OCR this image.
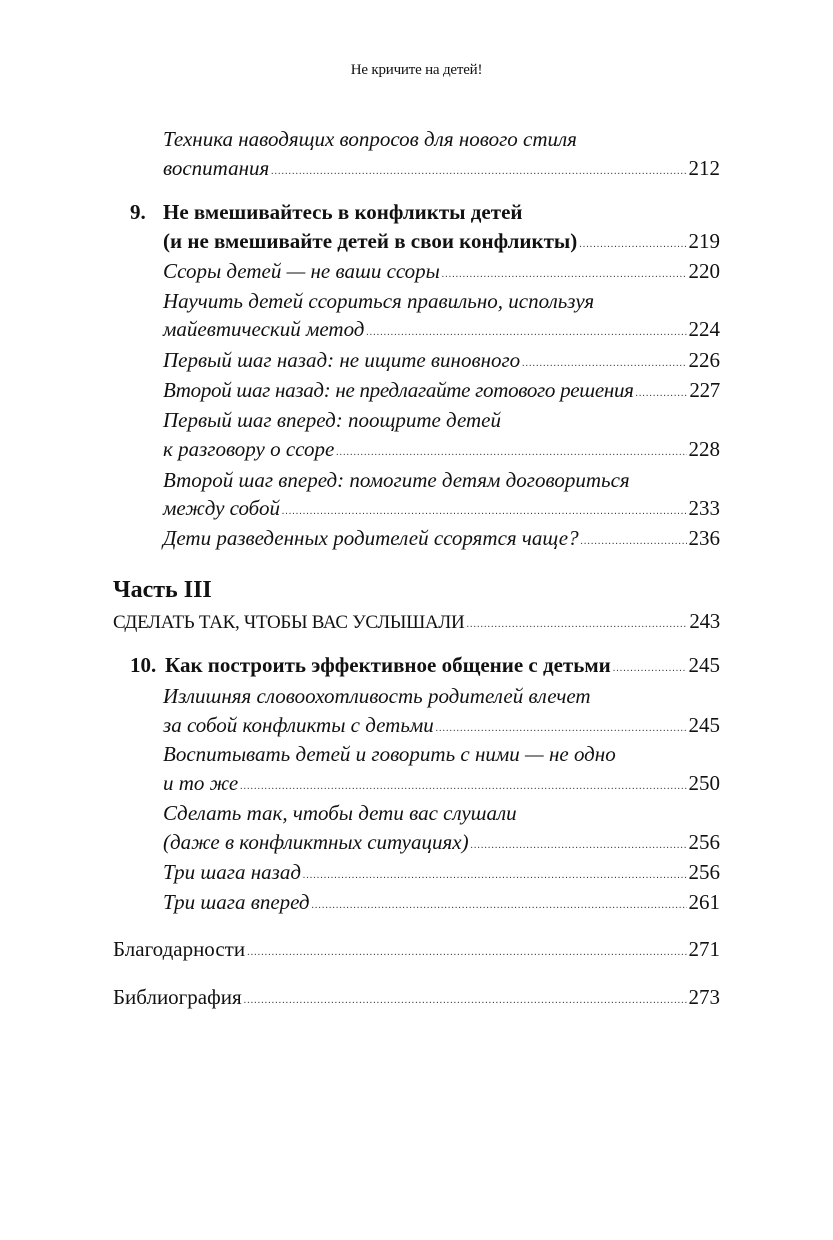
Не кричите на детей!
Техника наводящих вопросов для нового стиля
воспитания .....	212
9. Не вмешивайтесь в конфликты детей
(и не вмешивайте детей в свои конфликты) .....	219
Ссоры детей — не ваши ссоры .....	220
Научить детей ссориться правильно, используя
майевтический метод .....	224
Первый шаг назад: не ищите виновного .....	226
Второй шаг назад: не предлагайте готового решения .....	227
Первый шаг вперед: поощрите детей
к разговору о ссоре .....	228
Второй шаг вперед: помогите детям договориться
между собой .....	233
Дети разведенных родителей ссорятся чаще? .....	236
Часть III
СДЕЛАТЬ ТАК, ЧТОБЫ ВАС УСЛЫШАЛИ .....	243
10. Как построить эффективное общение с детьми .....	245
Излишняя словоохотливость родителей влечет
за собой конфликты с детьми .....	245
Воспитывать детей и говорить с ними — не одно
и то же .....	250
Сделать так, чтобы дети вас слушали
(даже в конфликтных ситуациях) .....	256
Три шага назад .....	256
Три шага вперед .....	261
Благодарности .....	271
Библиография .....	273
